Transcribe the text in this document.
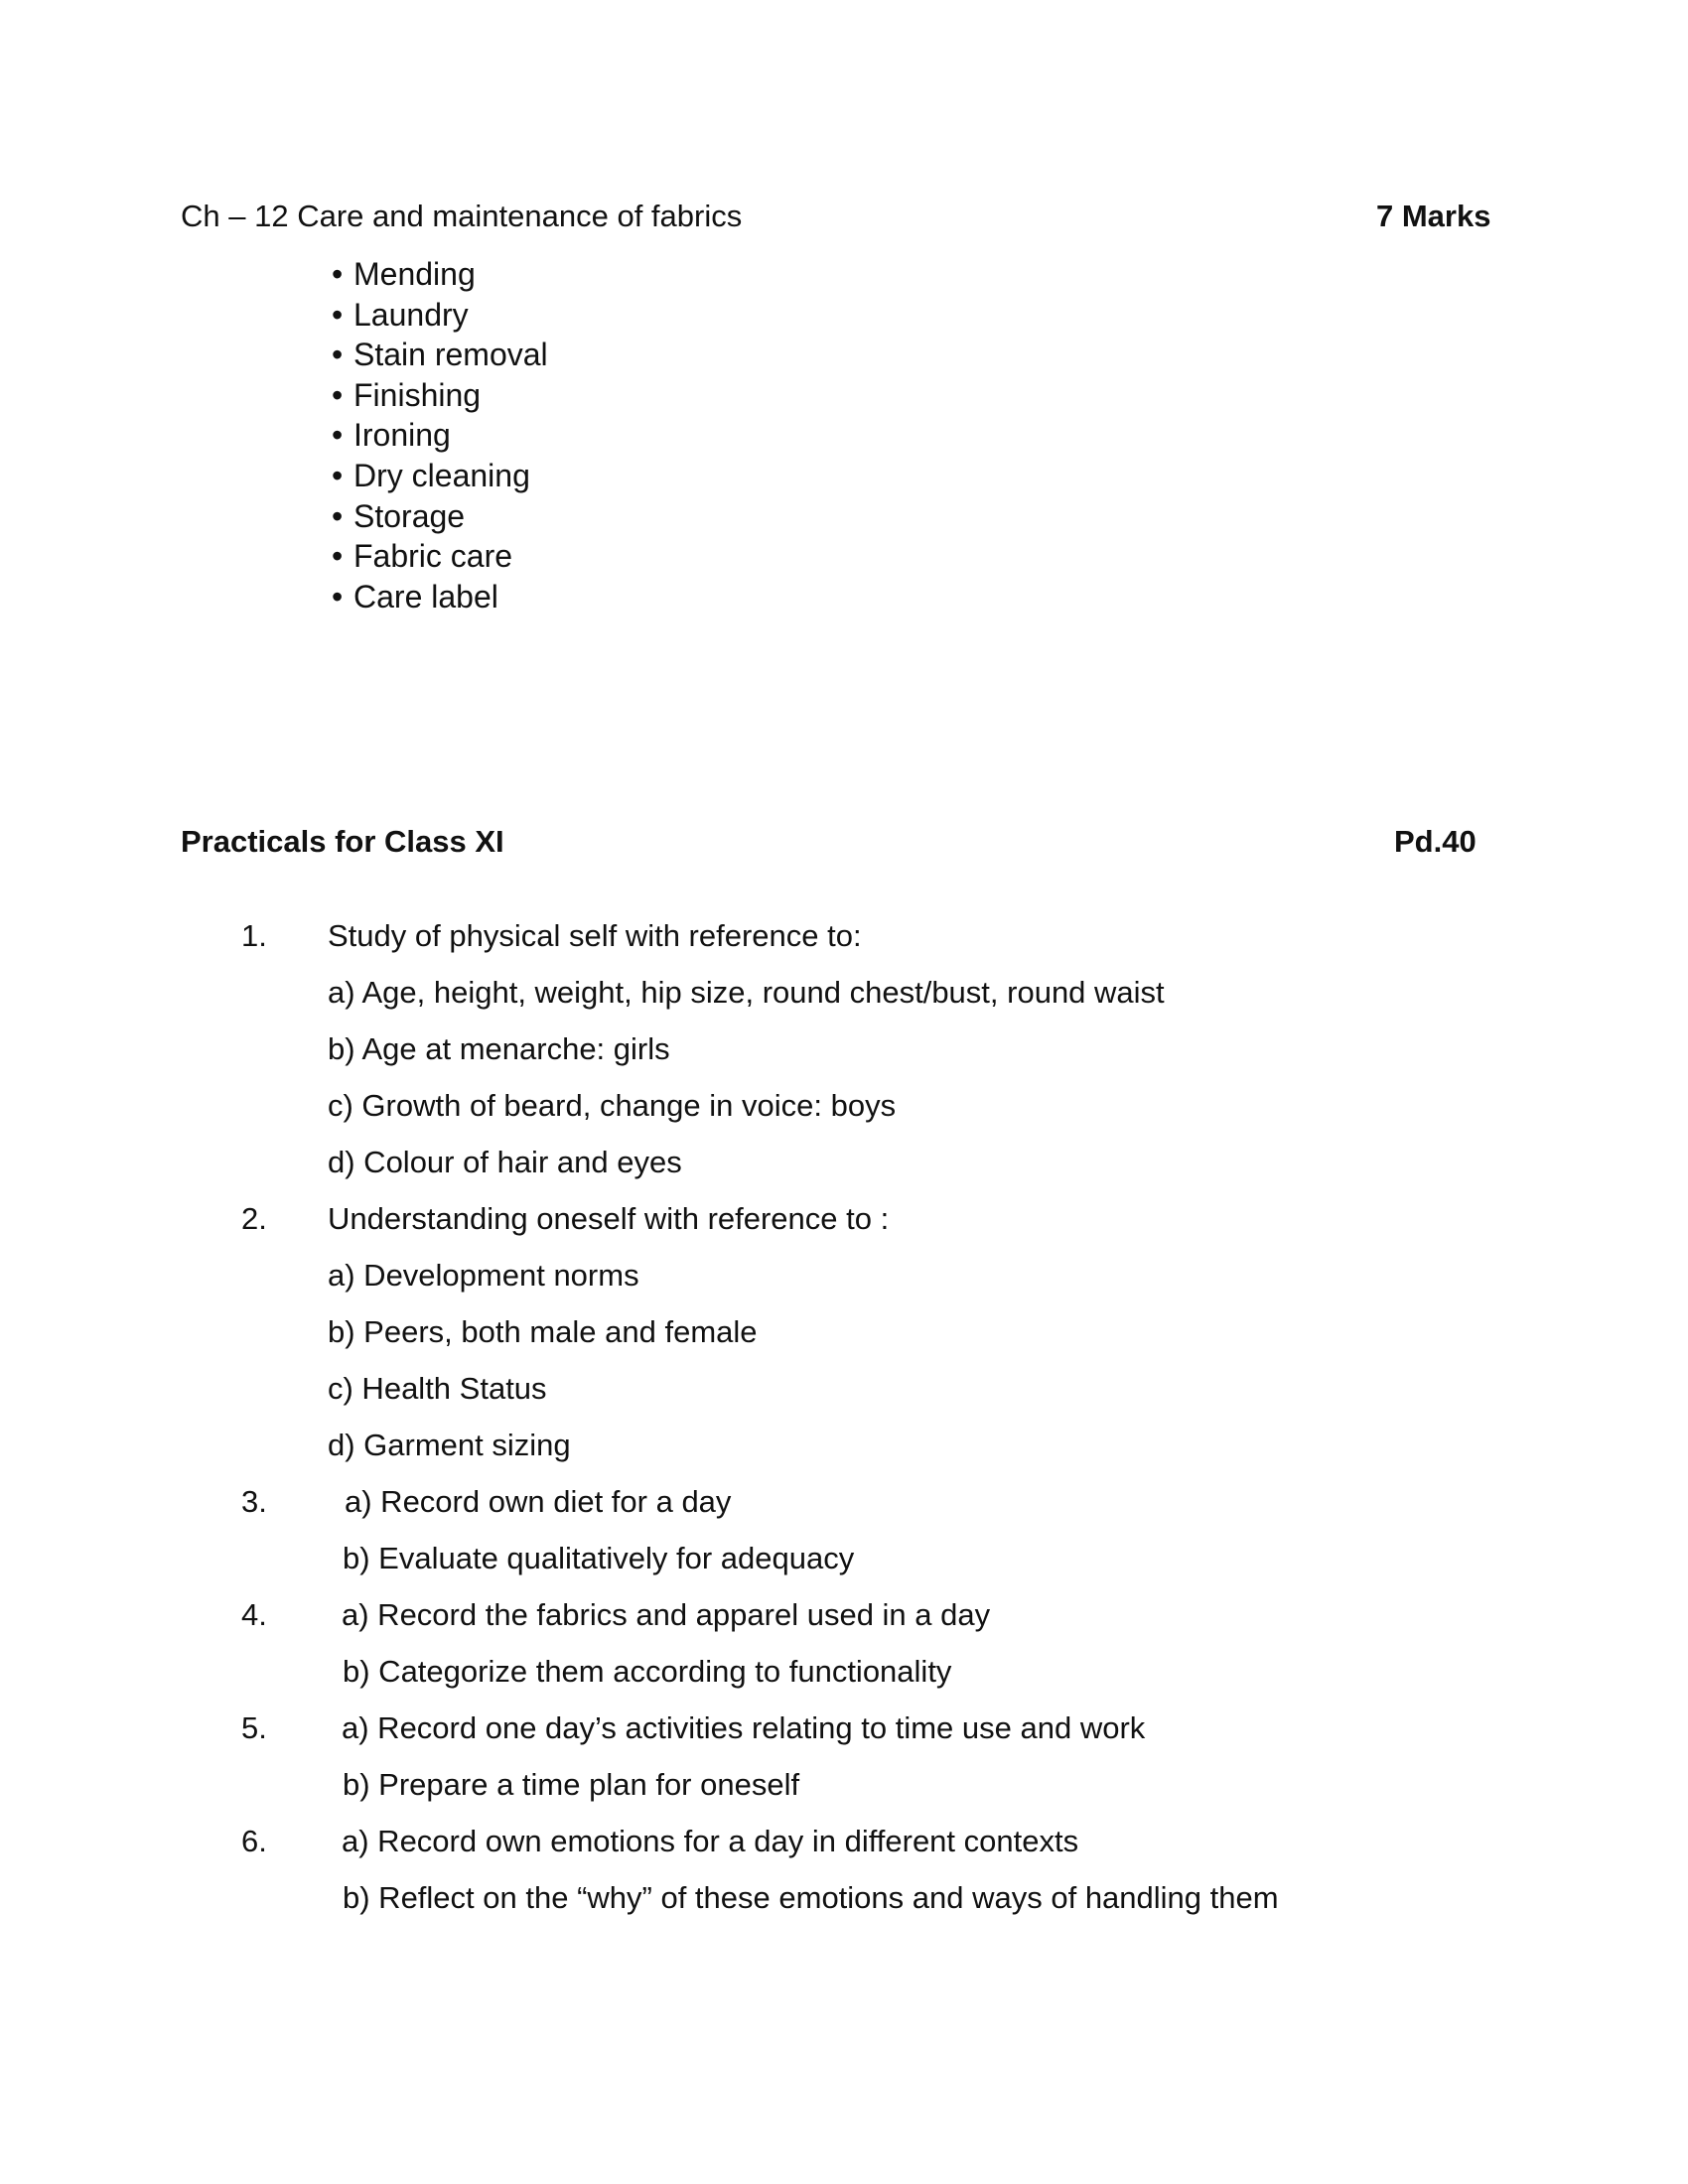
Ch – 12 Care and maintenance of fabrics	7 Marks
• Mending
• Laundry
• Stain removal
• Finishing
• Ironing
• Dry cleaning
• Storage
• Fabric care
• Care label
Practicals for Class XI	Pd.40
1. Study of physical self with reference to:
a) Age, height, weight, hip size, round chest/bust, round waist
b) Age at menarche: girls
c) Growth of beard, change in voice: boys
d) Colour of hair and eyes
2. Understanding oneself with reference to :
a) Development norms
b) Peers, both male and female
c) Health Status
d) Garment sizing
3.	a) Record own diet for a day
b) Evaluate qualitatively for adequacy
4. a) Record the fabrics and apparel used in a day
b) Categorize them according to functionality
5. a) Record one day’s activities relating to time use and work
b) Prepare a time plan for oneself
6. a) Record own emotions for a day in different contexts
b) Reflect on the “why” of these emotions and ways of handling them
